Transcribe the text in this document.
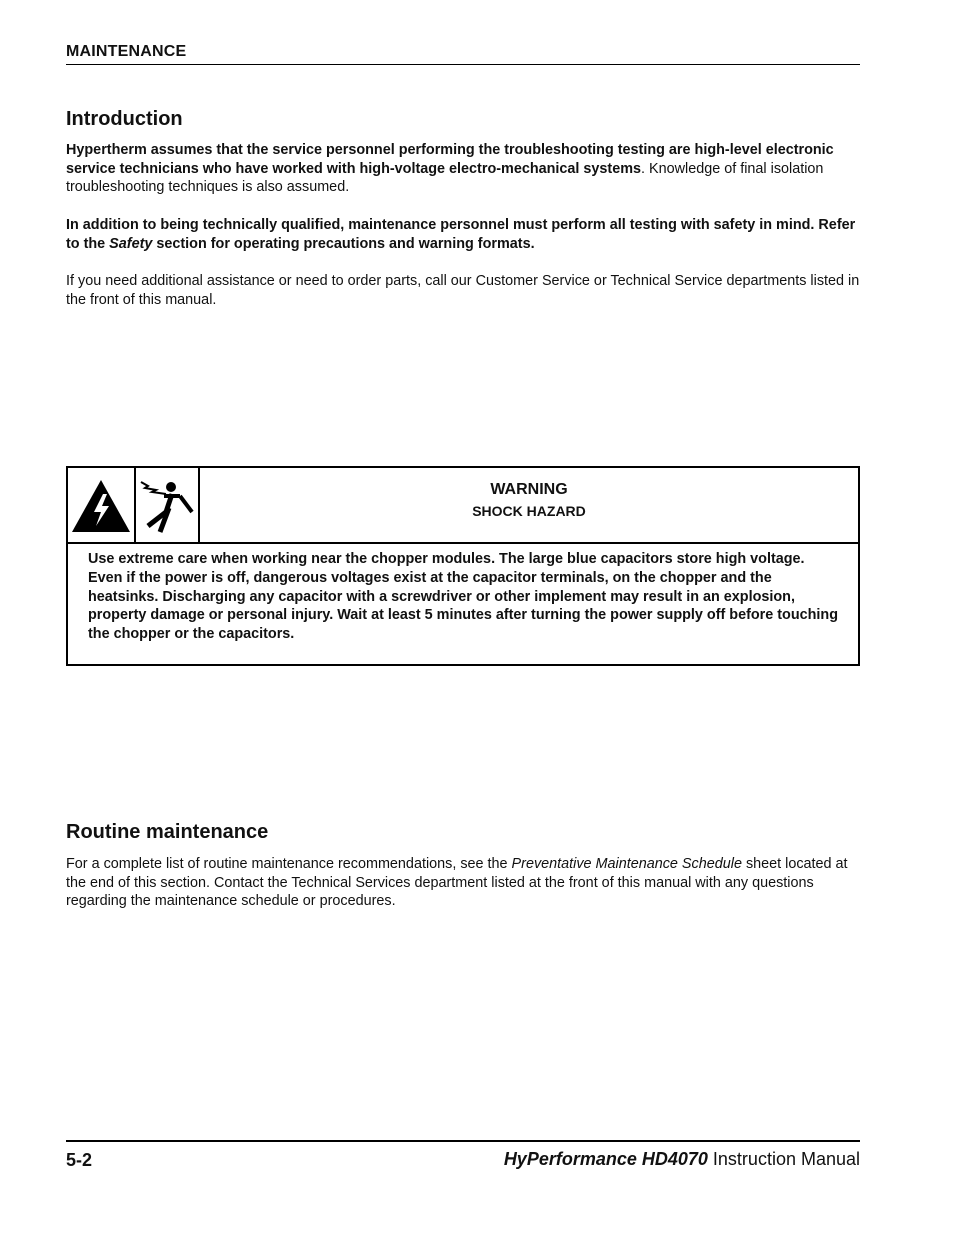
MAINTENANCE
Introduction

Hypertherm assumes that the service personnel performing the troubleshooting testing are high-level electronic service technicians who have worked with high-voltage electro-mechanical systems. Knowledge of final isolation troubleshooting techniques is also assumed.

In addition to being technically qualified, maintenance personnel must perform all testing with safety in mind. Refer to the Safety section for operating precautions and warning formats.

If you need additional assistance or need to order parts, call our Customer Service or Technical Service departments listed in the front of this manual.

WARNING
SHOCK HAZARD

Use extreme care when working near the chopper modules. The large blue capacitors store high voltage. Even if the power is off, dangerous voltages exist at the capacitor terminals, on the chopper and the heatsinks. Discharging any capacitor with a screwdriver or other implement may result in an explosion, property damage or personal injury. Wait at least 5 minutes after turning the power supply off before touching the chopper or the capacitors.

Routine maintenance

For a complete list of routine maintenance recommendations, see the Preventative Maintenance Schedule sheet located at the end of this section. Contact the Technical Services department listed at the front of this manual with any questions regarding the maintenance schedule or procedures.

5-2	HyPerformance HD4070 Instruction Manual
